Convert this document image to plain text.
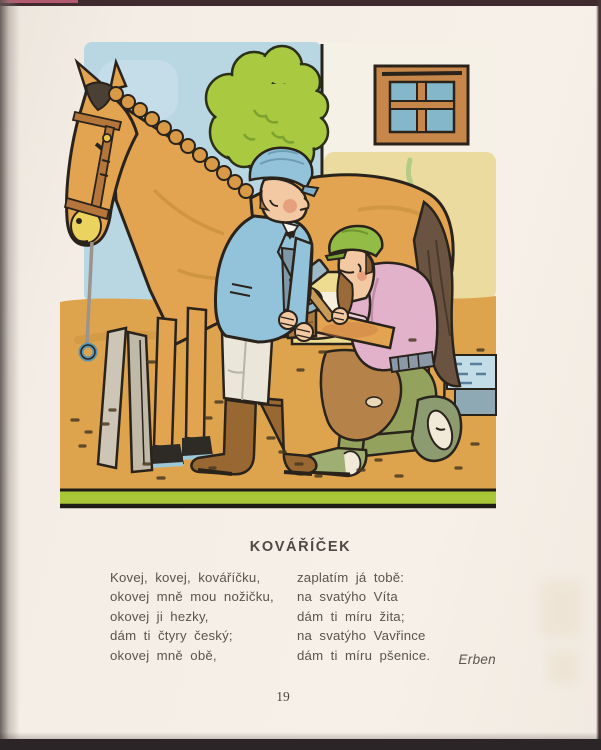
KOVÁŘÍČEK
Kovej, kovej, kováříčku,
okovej mně mou nožičku,
okovej ji hezky,
dám ti čtyry český;
okovej mně obě,
zaplatím já tobě:
na svatýho Víta
dám ti míru žita;
na svatýho Vavřince
dám ti míru pšenice.	Erben
19
